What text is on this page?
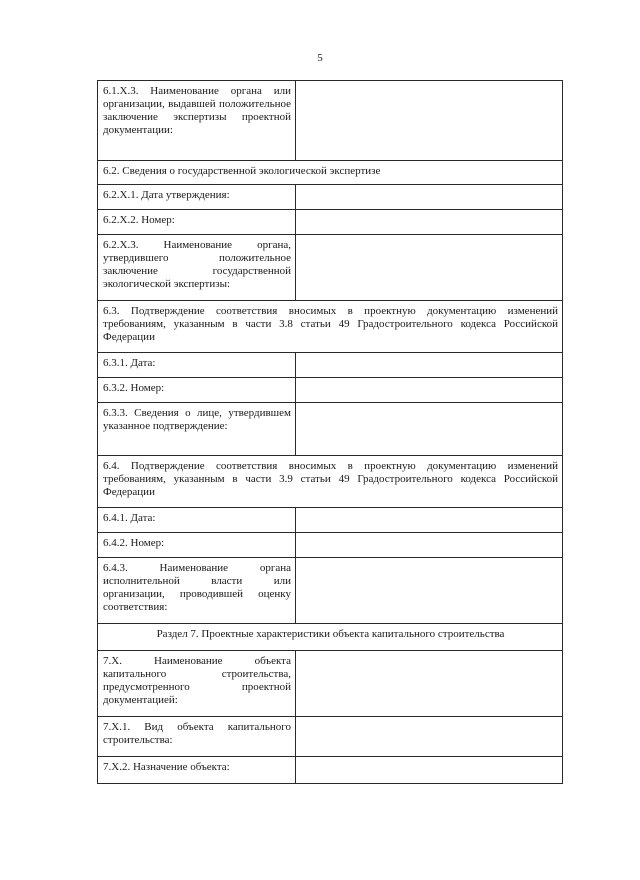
5
6.1.Х.3. Наименование органа или организации, выдавшей положительное заключение экспертизы проектной документации:	
6.2. Сведения о государственной экологической экспертизе	
6.2.Х.1. Дата утверждения:	
6.2.Х.2. Номер:	
6.2.Х.3. Наименование органа, утвердившего положительное заключение государственной экологической экспертизы:	
6.3. Подтверждение соответствия вносимых в проектную документацию изменений требованиям, указанным в части 3.8 статьи 49 Градостроительного кодекса Российской Федерации	
6.3.1. Дата:	
6.3.2. Номер:	
6.3.3. Сведения о лице, утвердившем указанное подтверждение:	
6.4. Подтверждение соответствия вносимых в проектную документацию изменений требованиям, указанным в части 3.9 статьи 49 Градостроительного кодекса Российской Федерации	
6.4.1. Дата:	
6.4.2. Номер:	
6.4.3. Наименование органа исполнительной власти или организации, проводившей оценку соответствия:	
Раздел 7. Проектные характеристики объекта капитального строительства	
7.Х. Наименование объекта капитального строительства, предусмотренного проектной документацией:	
7.Х.1. Вид объекта капитального строительства:	
7.Х.2. Назначение объекта:	
